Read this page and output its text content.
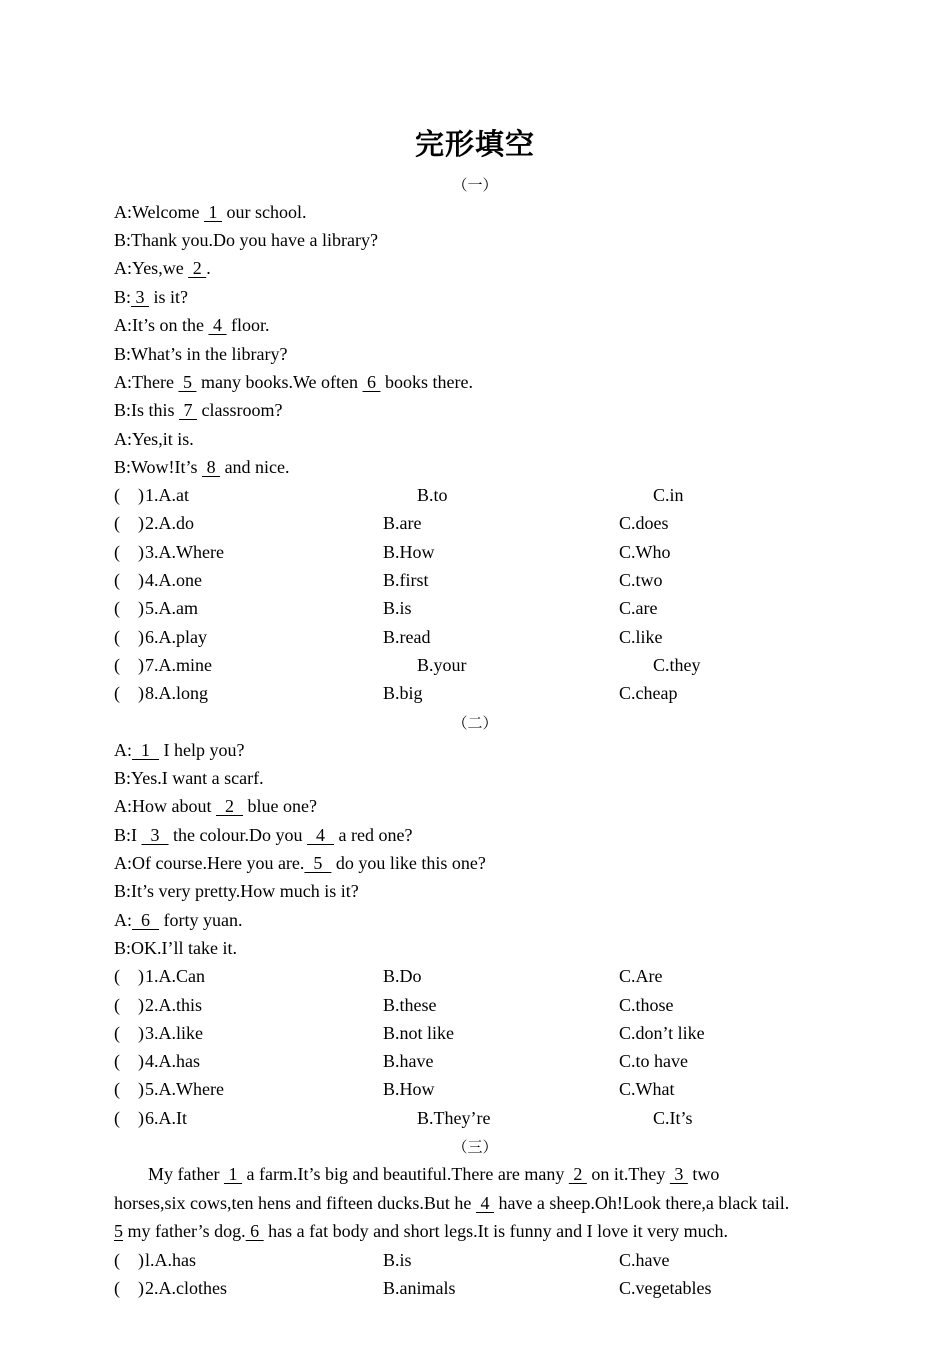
完形填空
（一）
A:Welcome  1  our school.
B:Thank you.Do you have a library?
A:Yes,we  2 .
B: 3  is it?
A:It’s on the  4  floor.
B:What’s in the library?
A:There  5  many books.We often  6  books there.
B:Is this  7  classroom?
A:Yes,it is.
B:Wow!It’s  8  and nice.
(    ) 1.A.at	B.to	C.in
(    ) 2.A.do	B.are	C.does
(    ) 3.A.Where	B.How	C.Who
(    ) 4.A.one	B.first	C.two
(    ) 5.A.am	B.is	C.are
(    ) 6.A.play	B.read	C.like
(    ) 7.A.mine	B.your	C.they
(    ) 8.A.long	B.big	C.cheap
（二）
A:  1   I help you?
B:Yes.I want a scarf.
A:How about   2   blue one?
B:I   3   the colour.Do you   4   a red one?
A:Of course.Here you are.  5   do you like this one?
B:It’s very pretty.How much is it?
A:  6   forty yuan.
B:OK.I’ll take it.
(    ) 1.A.Can	B.Do	C.Are
(    ) 2.A.this	B.these	C.those
(    ) 3.A.like	B.not like	C.don’t like
(    ) 4.A.has	B.have	C.to have
(    ) 5.A.Where	B.How	C.What
(    ) 6.A.It	B.They’re	C.It’s
（三）
My father  1  a farm.It’s big and beautiful.There are many  2  on it.They  3  two
horses,six cows,ten hens and fifteen ducks.But he  4  have a sheep.Oh!Look there,a black tail.
5 my father’s dog. 6  has a fat body and short legs.It is funny and I love it very much.
(    ) l.A.has	B.is	C.have
(    ) 2.A.clothes	B.animals	C.vegetables
